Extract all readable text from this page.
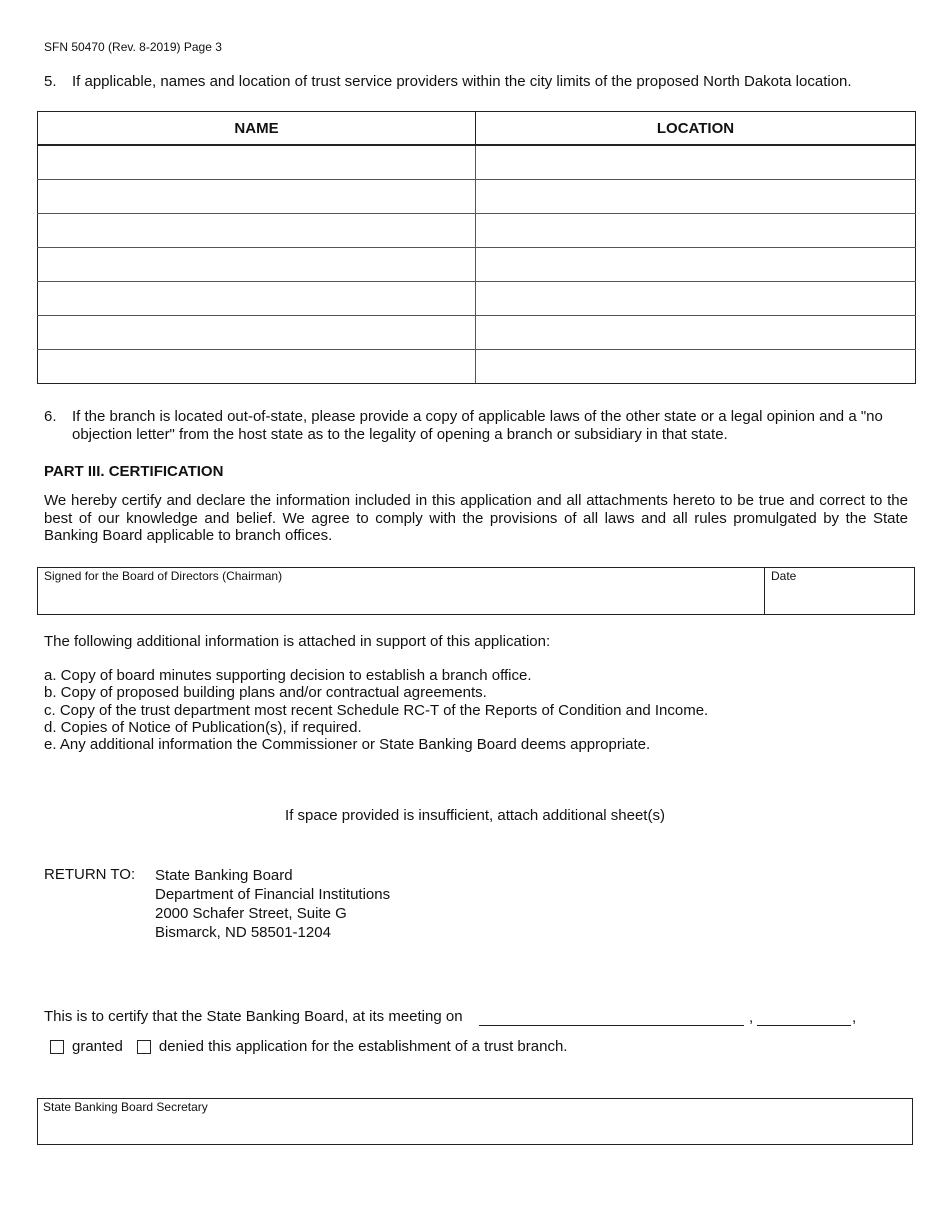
SFN 50470 (Rev. 8-2019) Page 3
5. If applicable, names and location of trust service providers within the city limits of the proposed North Dakota location.
NAME	LOCATION

6. If the branch is located out-of-state, please provide a copy of applicable laws of the other state or a legal opinion and a "no
objection letter" from the host state as to the legality of opening a branch or subsidiary in that state.
PART III. CERTIFICATION
We hereby certify and declare the information included in this application and all attachments hereto to be true and correct to the best of our knowledge and belief. We agree to comply with the provisions of all laws and all rules promulgated by the State Banking Board applicable to branch offices.
Signed for the Board of Directors (Chairman)	Date
The following additional information is attached in support of this application:
a. Copy of board minutes supporting decision to establish a branch office.
b. Copy of proposed building plans and/or contractual agreements.
c. Copy of the trust department most recent Schedule RC-T of the Reports of Condition and Income.
d. Copies of Notice of Publication(s), if required.
e. Any additional information the Commissioner or State Banking Board deems appropriate.
If space provided is insufficient, attach additional sheet(s)
RETURN TO: State Banking Board
Department of Financial Institutions
2000 Schafer Street, Suite G
Bismarck, ND 58501-1204
This is to certify that the State Banking Board, at its meeting on	,	,
granted denied this application for the establishment of a trust branch.
State Banking Board Secretary
